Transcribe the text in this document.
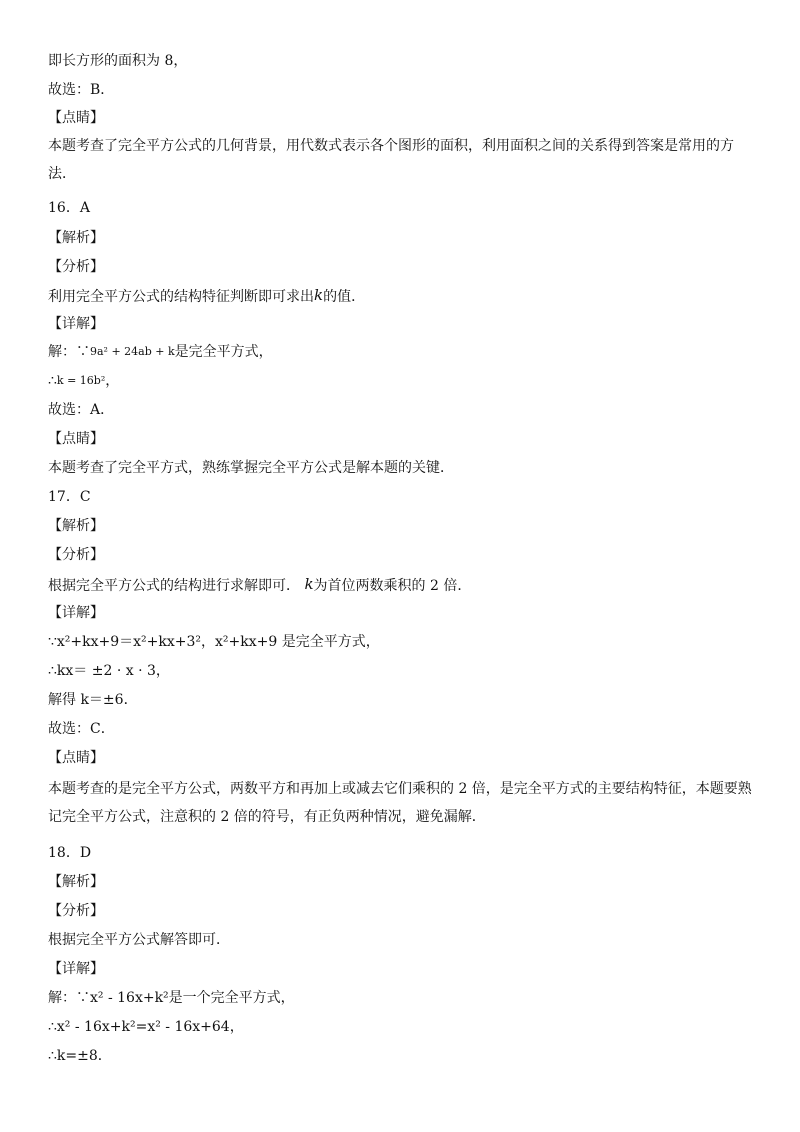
即长方形的面积为 8，
故选：B．
【点睛】
本题考查了完全平方公式的几何背景，用代数式表示各个图形的面积，利用面积之间的关系得到答案是常用的方法．
16．A
【解析】
【分析】
利用完全平方公式的结构特征判断即可求出k的值．
【详解】
解：∵9a² + 24ab + k是完全平方式，
∴k = 16b²，
故选：A．
【点睛】
本题考查了完全平方式，熟练掌握完全平方公式是解本题的关键．
17．C
【解析】
【分析】
根据完全平方公式的结构进行求解即可． k为首位两数乘积的 2 倍．
【详解】
∵x²+kx+9＝x²+kx+3²，x²+kx+9 是完全平方式，
∴kx＝ ±2 · x · 3，
解得 k＝±6．
故选：C．
【点睛】
本题考查的是完全平方公式，两数平方和再加上或减去它们乘积的 2 倍，是完全平方式的主要结构特征，本题要熟记完全平方公式，注意积的 2 倍的符号，有正负两种情况，避免漏解．
18．D
【解析】
【分析】
根据完全平方公式解答即可．
【详解】
解：∵x² - 16x+k²是一个完全平方式，
∴x² - 16x+k²=x² - 16x+64，
∴k=±8．
